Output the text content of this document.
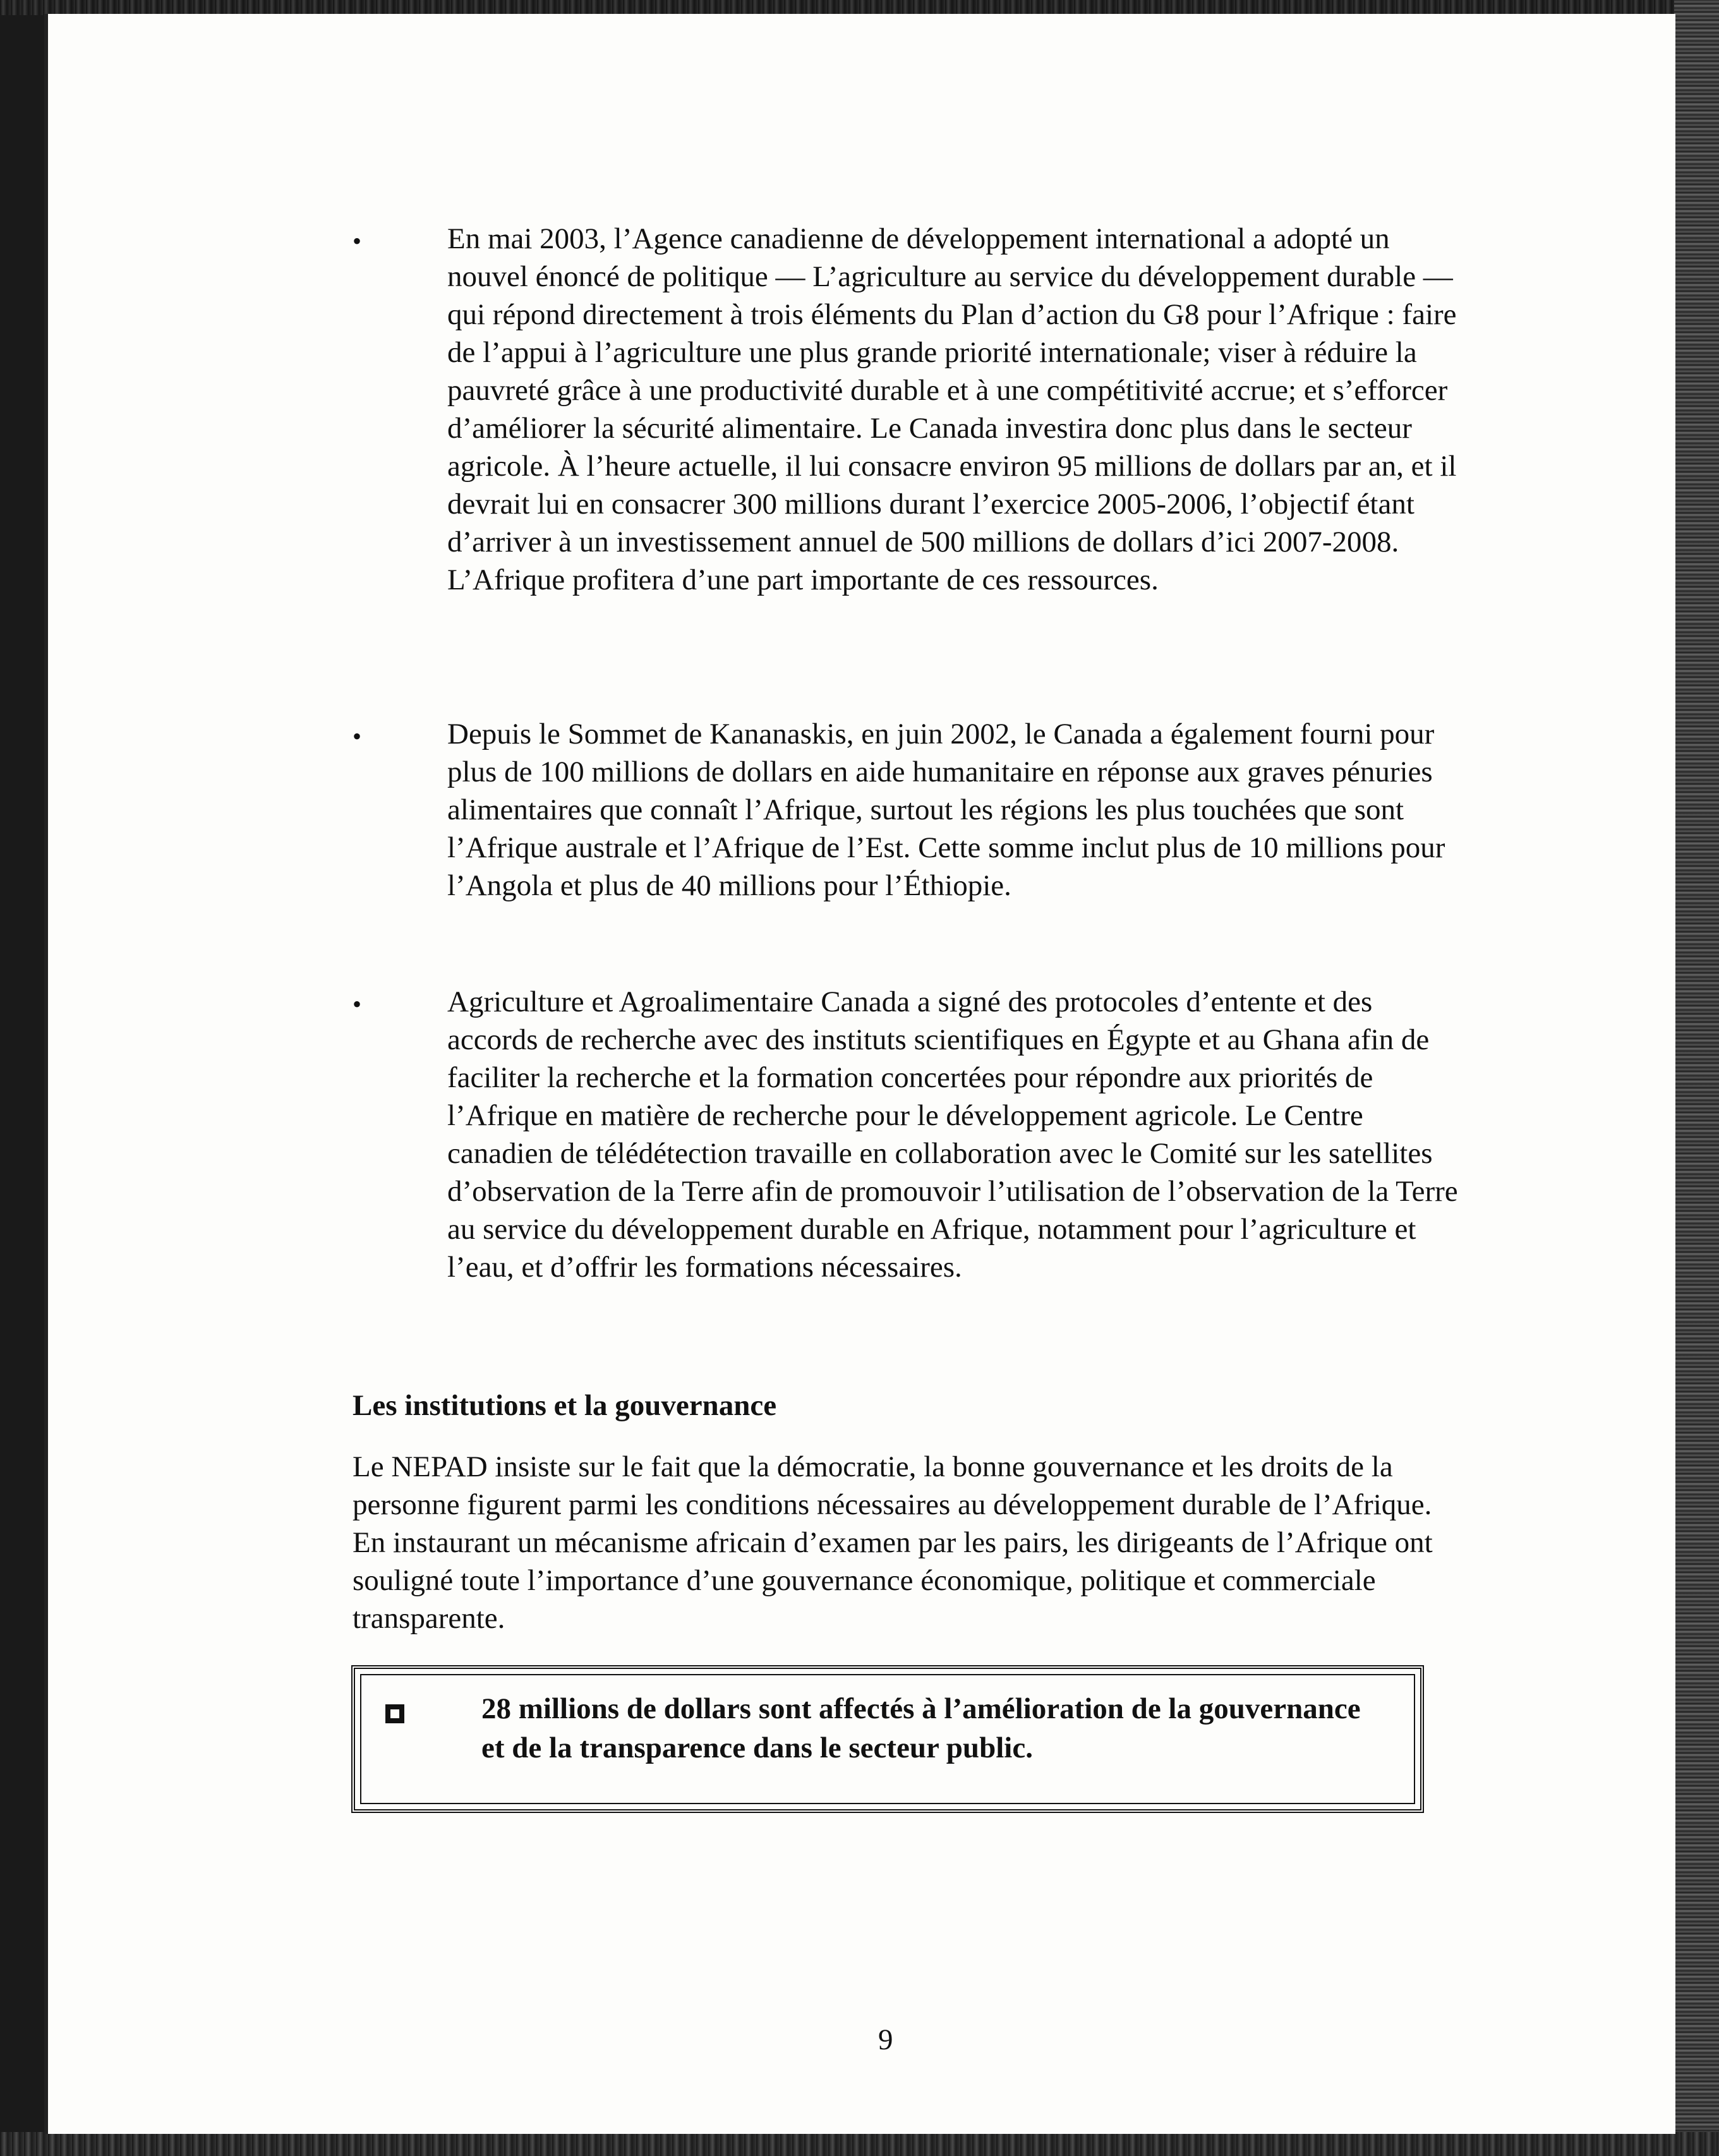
•	En mai 2003, l’Agence canadienne de développement international a adopté un nouvel énoncé de politique — L’agriculture au service du développement durable — qui répond directement à trois éléments du Plan d’action du G8 pour l’Afrique : faire de l’appui à l’agriculture une plus grande priorité internationale; viser à réduire la pauvreté grâce à une productivité durable et à une compétitivité accrue; et s’efforcer d’améliorer la sécurité alimentaire. Le Canada investira donc plus dans le secteur agricole. À l’heure actuelle, il lui consacre environ 95 millions de dollars par an, et il devrait lui en consacrer 300 millions durant l’exercice 2005-2006, l’objectif étant d’arriver à un investissement annuel de 500 millions de dollars d’ici 2007-2008. L’Afrique profitera d’une part importante de ces ressources.

•	Depuis le Sommet de Kananaskis, en juin 2002, le Canada a également fourni pour plus de 100 millions de dollars en aide humanitaire en réponse aux graves pénuries alimentaires que connaît l’Afrique, surtout les régions les plus touchées que sont l’Afrique australe et l’Afrique de l’Est. Cette somme inclut plus de 10 millions pour l’Angola et plus de 40 millions pour l’Éthiopie.

•	Agriculture et Agroalimentaire Canada a signé des protocoles d’entente et des accords de recherche avec des instituts scientifiques en Égypte et au Ghana afin de faciliter la recherche et la formation concertées pour répondre aux priorités de l’Afrique en matière de recherche pour le développement agricole. Le Centre canadien de télédétection travaille en collaboration avec le Comité sur les satellites d’observation de la Terre afin de promouvoir l’utilisation de l’observation de la Terre au service du développement durable en Afrique, notamment pour l’agriculture et l’eau, et d’offrir les formations nécessaires.

Les institutions et la gouvernance

Le NEPAD insiste sur le fait que la démocratie, la bonne gouvernance et les droits de la personne figurent parmi les conditions nécessaires au développement durable de l’Afrique. En instaurant un mécanisme africain d’examen par les pairs, les dirigeants de l’Afrique ont souligné toute l’importance d’une gouvernance économique, politique et commerciale transparente.

28 millions de dollars sont affectés à l’amélioration de la gouvernance et de la transparence dans le secteur public.

9
